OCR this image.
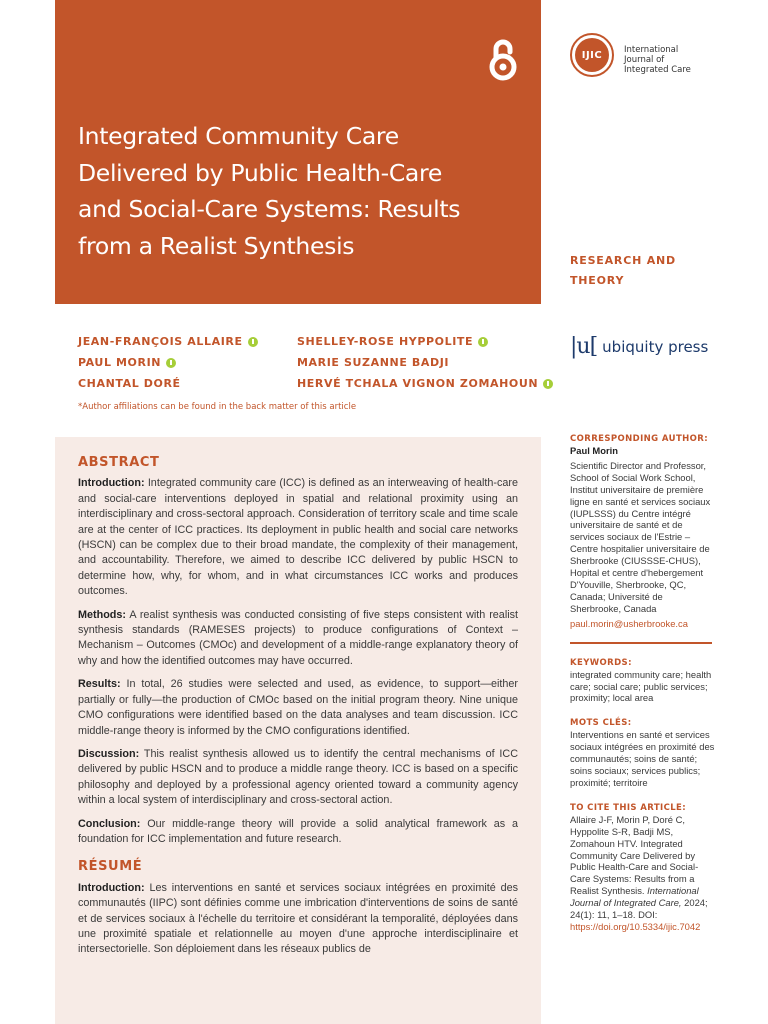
Integrated Community Care Delivered by Public Health-Care and Social-Care Systems: Results from a Realist Synthesis
IJIC	International Journal of Integrated Care

RESEARCH AND THEORY

JEAN-FRANÇOIS ALLAIRE
PAUL MORIN
CHANTAL DORÉ
SHELLEY-ROSE HYPPOLITE
MARIE SUZANNE BADJI
HERVÉ TCHALA VIGNON ZOMAHOUN

*Author affiliations can be found in the back matter of this article

|u[ ubiquity press
ABSTRACT

Introduction: Integrated community care (ICC) is defined as an interweaving of health-care and social-care interventions deployed in spatial and relational proximity using an interdisciplinary and cross-sectoral approach. Consideration of territory scale and time scale are at the center of ICC practices. Its deployment in public health and social care networks (HSCN) can be complex due to their broad mandate, the complexity of their management, and accountability. Therefore, we aimed to describe ICC delivered by public HSCN to determine how, why, for whom, and in what circumstances ICC works and produces outcomes.

Methods: A realist synthesis was conducted consisting of five steps consistent with realist synthesis standards (RAMESES projects) to produce configurations of Context – Mechanism – Outcomes (CMOc) and development of a middle-range explanatory theory of why and how the identified outcomes may have occurred.

Results: In total, 26 studies were selected and used, as evidence, to support—either partially or fully—the production of CMOc based on the initial program theory. Nine unique CMO configurations were identified based on the data analyses and team discussion. ICC middle-range theory is informed by the CMO configurations identified.

Discussion: This realist synthesis allowed us to identify the central mechanisms of ICC delivered by public HSCN and to produce a middle range theory. ICC is based on a specific philosophy and deployed by a professional agency oriented toward a community agency within a local system of interdisciplinary and cross-sectoral action.

Conclusion: Our middle-range theory will provide a solid analytical framework as a foundation for ICC implementation and future research.

RÉSUMÉ

Introduction: Les interventions en santé et services sociaux intégrées en proximité des communautés (IIPC) sont définies comme une imbrication d'interventions de soins de santé et de services sociaux à l'échelle du territoire et considérant la temporalité, déployées dans une proximité spatiale et relationnelle au moyen d'une approche interdisciplinaire et intersectorielle. Son déploiement dans les réseaux publics de

CORRESPONDING AUTHOR:

Paul Morin

Scientific Director and Professor, School of Social Work School, Institut universitaire de première ligne en santé et services sociaux (IUPLSSS) du Centre intégré universitaire de santé et de services sociaux de l'Estrie – Centre hospitalier universitaire de Sherbrooke (CIUSSSE-CHUS), Hopital et centre d'hebergement D'Youville, Sherbrooke, QC, Canada; Université de Sherbrooke, Canada

paul.morin@usherbrooke.ca

KEYWORDS:

integrated community care; health care; social care; public services; proximity; local area

MOTS CLÉS:

Interventions en santé et services sociaux intégrées en proximité des communautés; soins de santé; soins sociaux; services publics; proximité; territoire

TO CITE THIS ARTICLE:

Allaire J-F, Morin P, Doré C, Hyppolite S-R, Badji MS, Zomahoun HTV. Integrated Community Care Delivered by Public Health-Care and Social-Care Systems: Results from a Realist Synthesis. International Journal of Integrated Care, 2024; 24(1): 11, 1–18. DOI: https://doi.org/10.5334/ijic.7042
